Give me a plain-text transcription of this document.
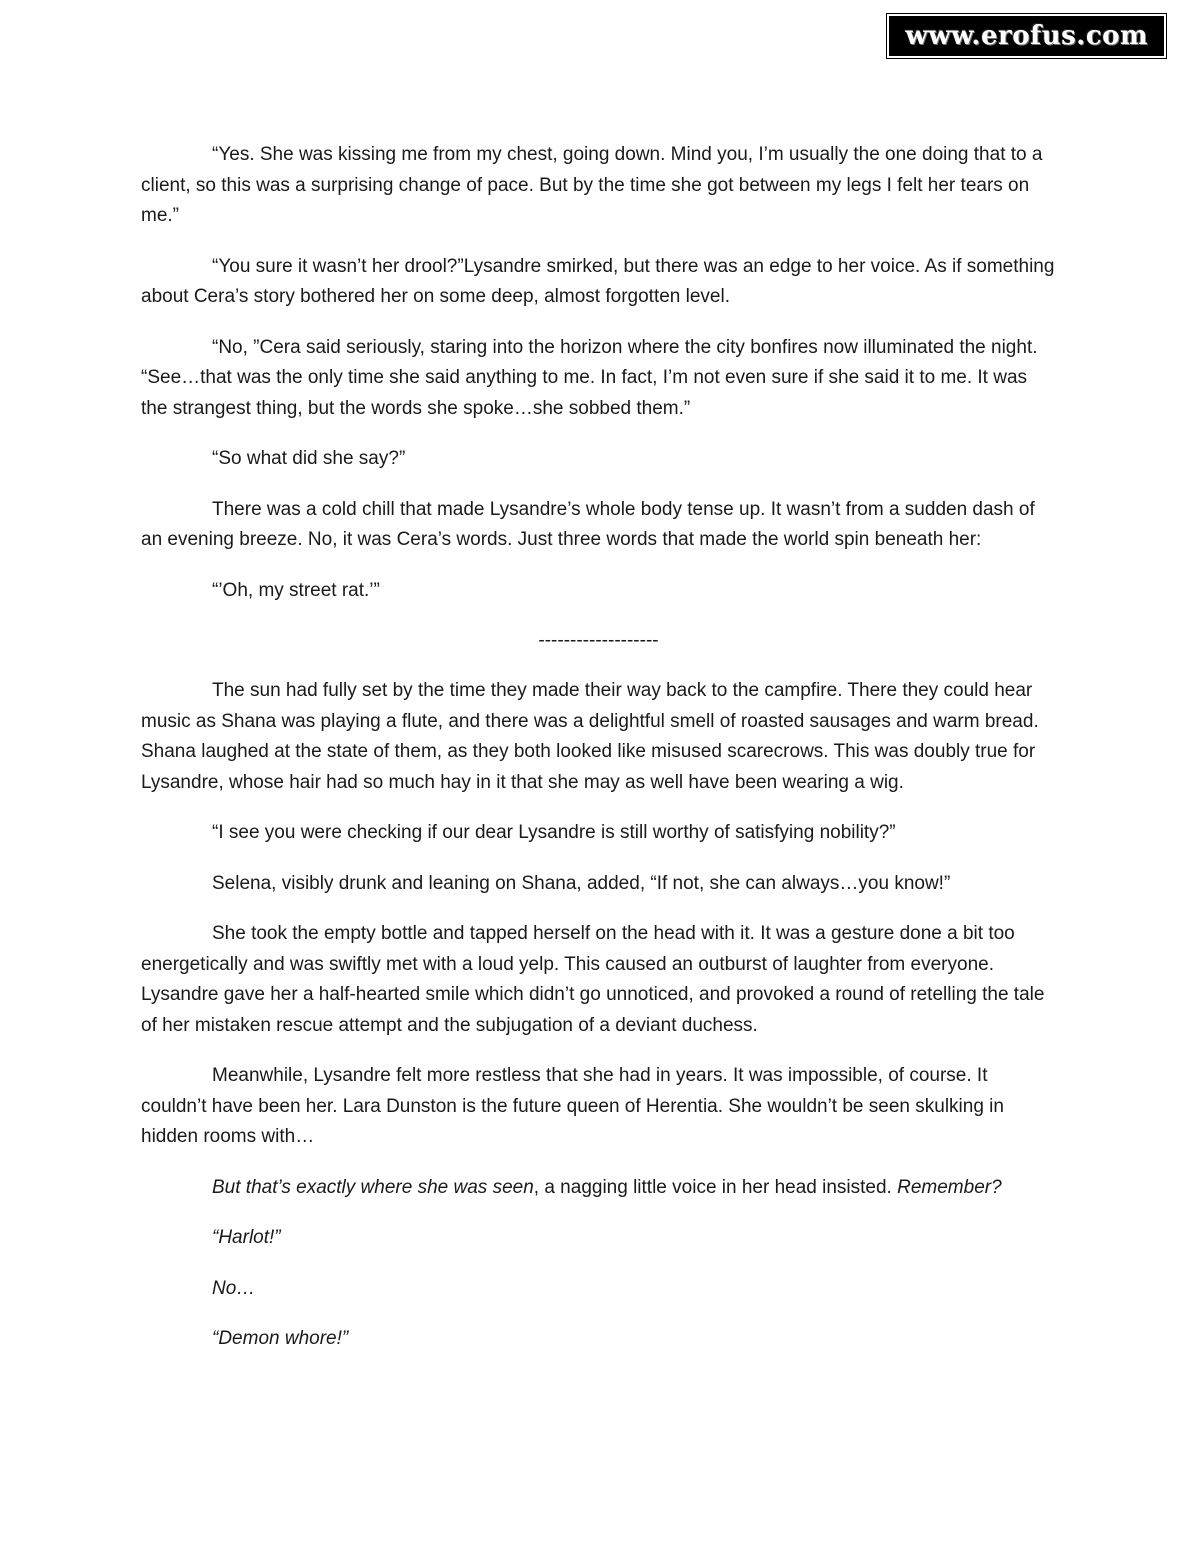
www.erofus.com

“Yes. She was kissing me from my chest, going down. Mind you, I’m usually the one doing that to a client, so this was a surprising change of pace. But by the time she got between my legs I felt her tears on me.”

“You sure it wasn’t her drool?”Lysandre smirked, but there was an edge to her voice. As if something about Cera’s story bothered her on some deep, almost forgotten level.

“No, ”Cera said seriously, staring into the horizon where the city bonfires now illuminated the night. “See…that was the only time she said anything to me. In fact, I’m not even sure if she said it to me. It was the strangest thing, but the words she spoke…she sobbed them.”

“So what did she say?”

There was a cold chill that made Lysandre’s whole body tense up. It wasn’t from a sudden dash of an evening breeze. No, it was Cera’s words. Just three words that made the world spin beneath her:

“’Oh, my street rat.’”

-------------------

The sun had fully set by the time they made their way back to the campfire. There they could hear music as Shana was playing a flute, and there was a delightful smell of roasted sausages and warm bread. Shana laughed at the state of them, as they both looked like misused scarecrows. This was doubly true for Lysandre, whose hair had so much hay in it that she may as well have been wearing a wig.

“I see you were checking if our dear Lysandre is still worthy of satisfying nobility?”

Selena, visibly drunk and leaning on Shana, added, “If not, she can always…you know!”

She took the empty bottle and tapped herself on the head with it. It was a gesture done a bit too energetically and was swiftly met with a loud yelp. This caused an outburst of laughter from everyone. Lysandre gave her a half-hearted smile which didn’t go unnoticed, and provoked a round of retelling the tale of her mistaken rescue attempt and the subjugation of a deviant duchess.

Meanwhile, Lysandre felt more restless that she had in years. It was impossible, of course. It couldn’t have been her. Lara Dunston is the future queen of Herentia. She wouldn’t be seen skulking in hidden rooms with…

But that’s exactly where she was seen, a nagging little voice in her head insisted. Remember?

“Harlot!”

No…

“Demon whore!”
